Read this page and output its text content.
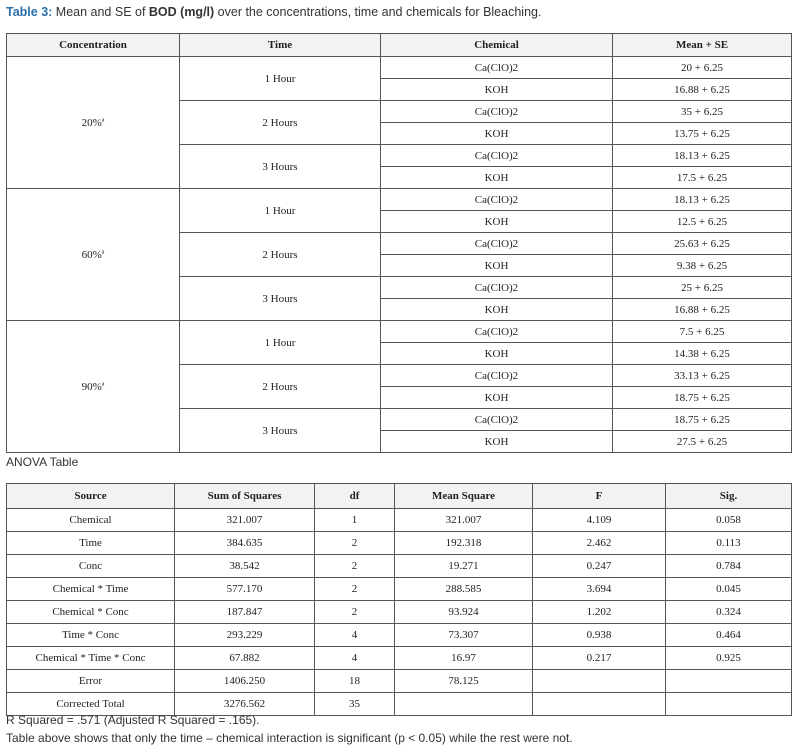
Table 3: Mean and SE of BOD (mg/l) over the concentrations, time and chemicals for Bleaching.
Concentration	Time	Chemical	Mean + SE
20%$^a$	1 Hour	Ca(ClO)2	20 + 6.25
		KOH	16.88 + 6.25
	2 Hours	Ca(ClO)2	35 + 6.25
		KOH	13.75 + 6.25
	3 Hours	Ca(ClO)2	18.13 + 6.25
		KOH	17.5 + 6.25
60%$^a$	1 Hour	Ca(ClO)2	18.13 + 6.25
		KOH	12.5 + 6.25
	2 Hours	Ca(ClO)2	25.63 + 6.25
		KOH	9.38 + 6.25
	3 Hours	Ca(ClO)2	25 + 6.25
		KOH	16.88 + 6.25
90%$^a$	1 Hour	Ca(ClO)2	7.5 + 6.25
		KOH	14.38 + 6.25
	2 Hours	Ca(ClO)2	33.13 + 6.25
		KOH	18.75 + 6.25
	3 Hours	Ca(ClO)2	18.75 + 6.25
		KOH	27.5 + 6.25
ANOVA Table
Source	Sum of Squares	df	Mean Square	F	Sig.
Chemical	321.007	1	321.007	4.109	0.058
Time	384.635	2	192.318	2.462	0.113
Conc	38.542	2	19.271	0.247	0.784
Chemical * Time	577.170	2	288.585	3.694	0.045
Chemical * Conc	187.847	2	93.924	1.202	0.324
Time * Conc	293.229	4	73.307	0.938	0.464
Chemical * Time * Conc	67.882	4	16.97	0.217	0.925
Error	1406.250	18	78.125		
Corrected Total	3276.562	35			
R Squared = .571 (Adjusted R Squared = .165).
Table above shows that only the time – chemical interaction is significant (p < 0.05) while the rest were not.
